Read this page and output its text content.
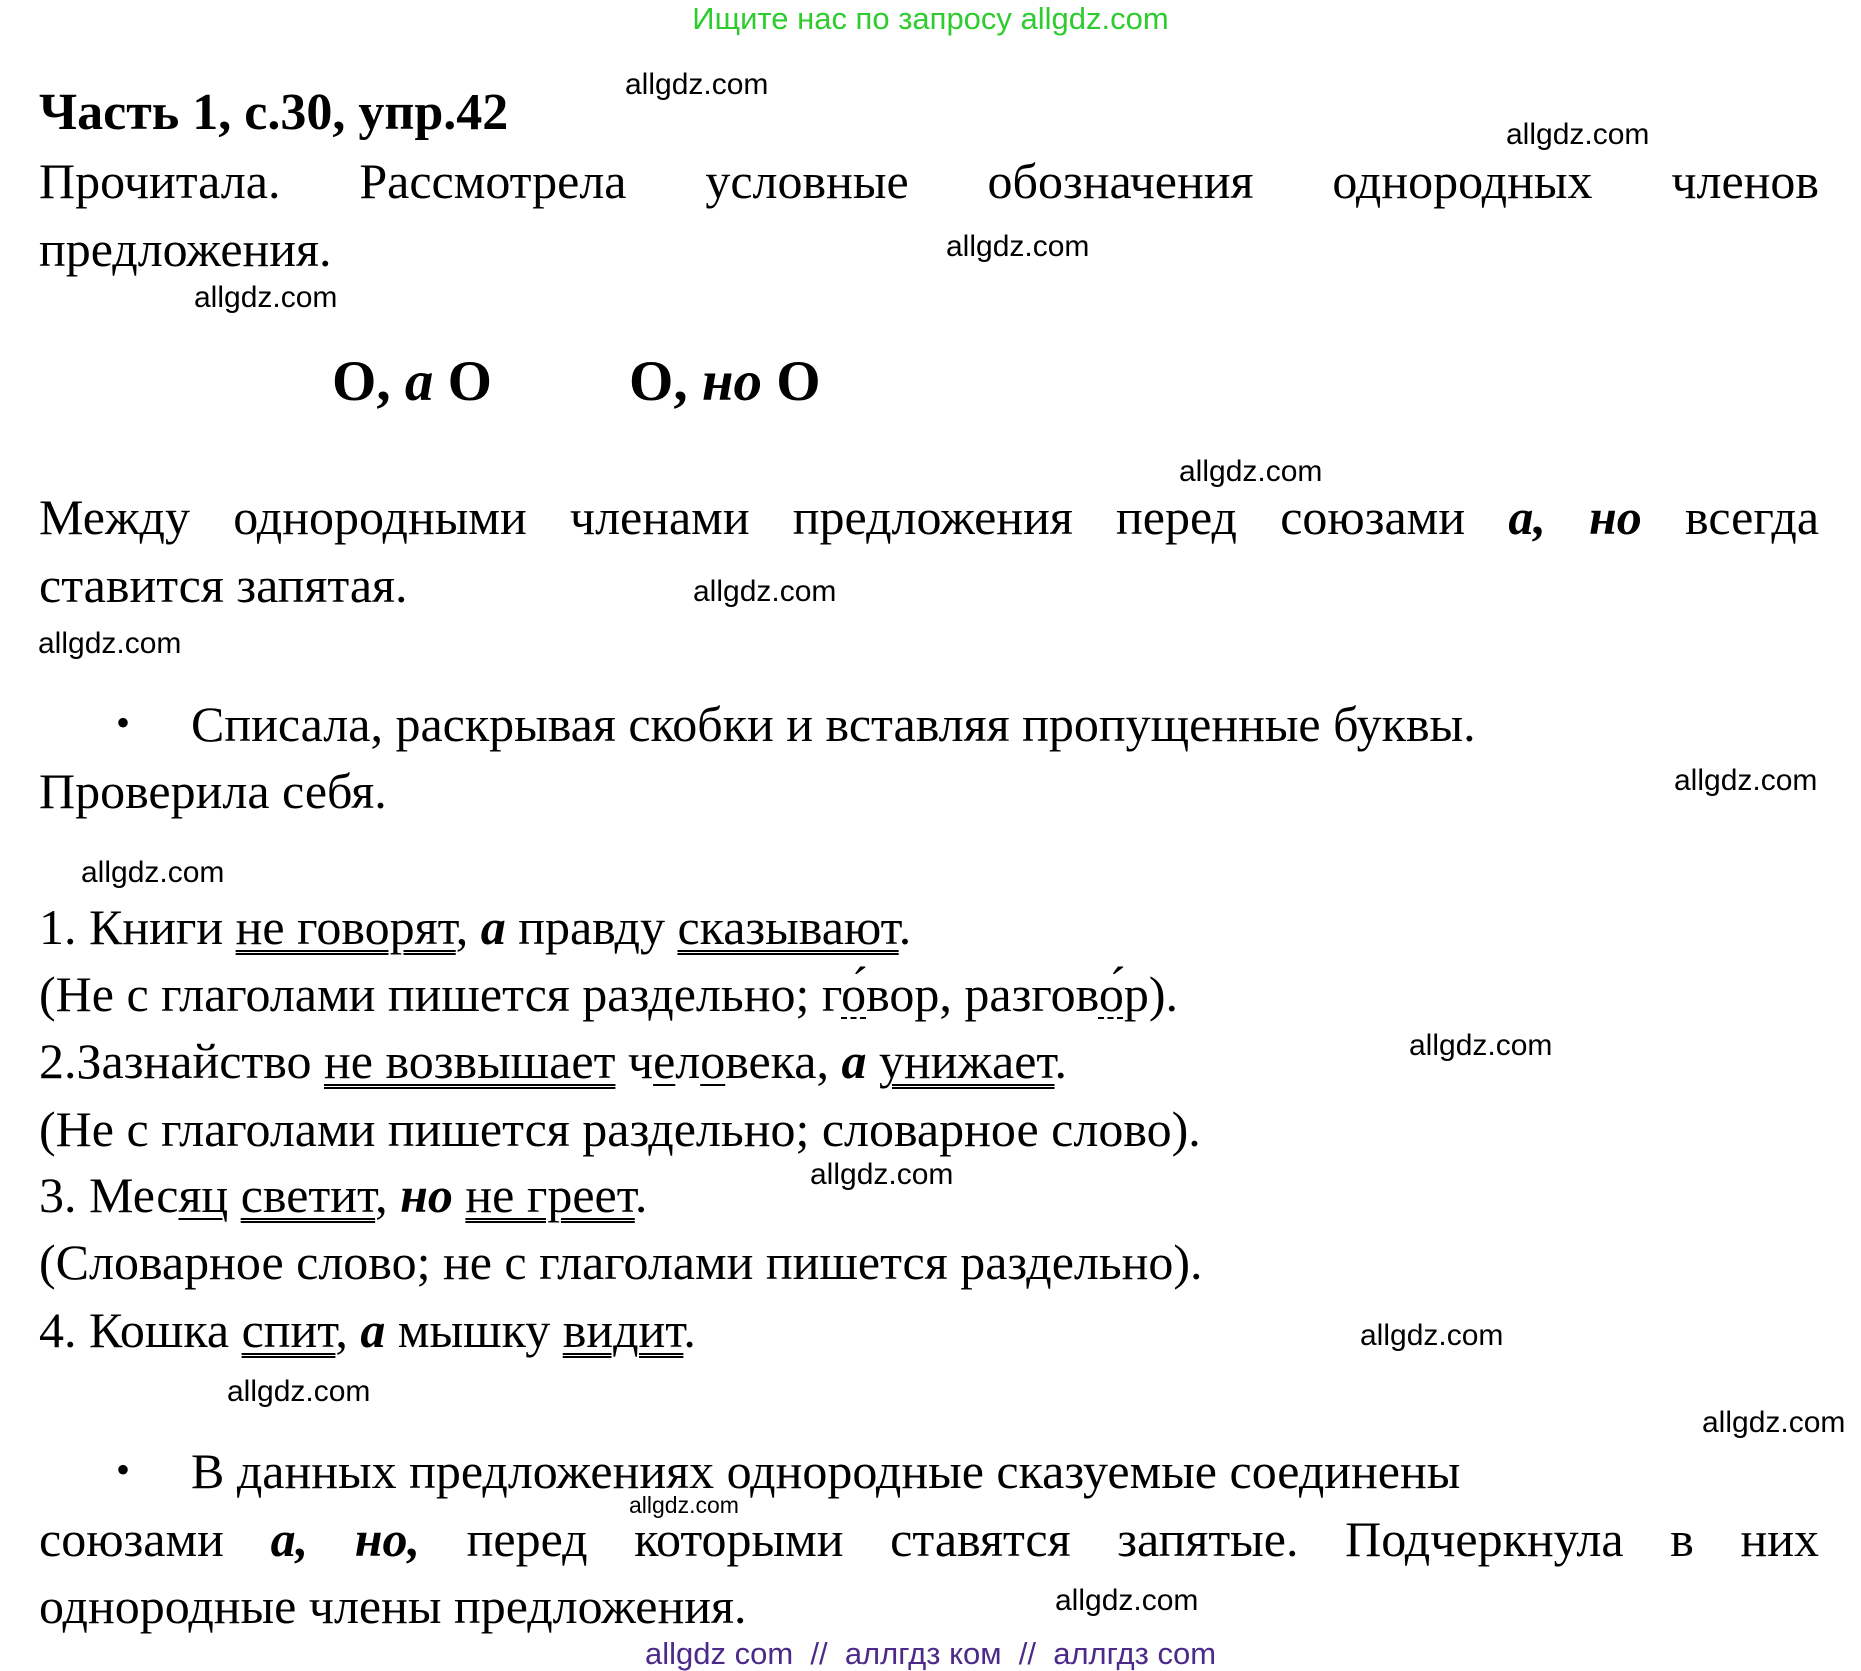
Ищите нас по запросу allgdz.com
Часть 1, с.30, упр.42
Прочитала. Рассмотрела условные обозначения однородных членов
предложения.
О, а О О, но О
Между однородными членами предложения перед союзами а, но всегда
ставится запятая.
• Списала, раскрывая скобки и вставляя пропущенные буквы.
Проверила себя.
1. Книги не говорят, а правду сказывают.
(Не с глаголами пишется раздельно; го́вор, разгово́р).
2.Зазнайство не возвышает человека, а унижает.
(Не с глаголами пишется раздельно; словарное слово).
3. Месяц светит, но не греет.
(Словарное слово; не с глаголами пишется раздельно).
4. Кошка спит, а мышку видит.
• В данных предложениях однородные сказуемые соединены
союзами а, но, перед которыми ставятся запятые. Подчеркнула в них
однородные члены предложения.
allgdz.com
allgdz.com
allgdz.com
allgdz.com
allgdz.com
allgdz.com
allgdz.com
allgdz.com
allgdz.com
allgdz.com
allgdz.com
allgdz.com
allgdz.com
allgdz.com
allgdz.com
allgdz.com
allgdz com  //  аллгдз ком  //  аллгдз com
